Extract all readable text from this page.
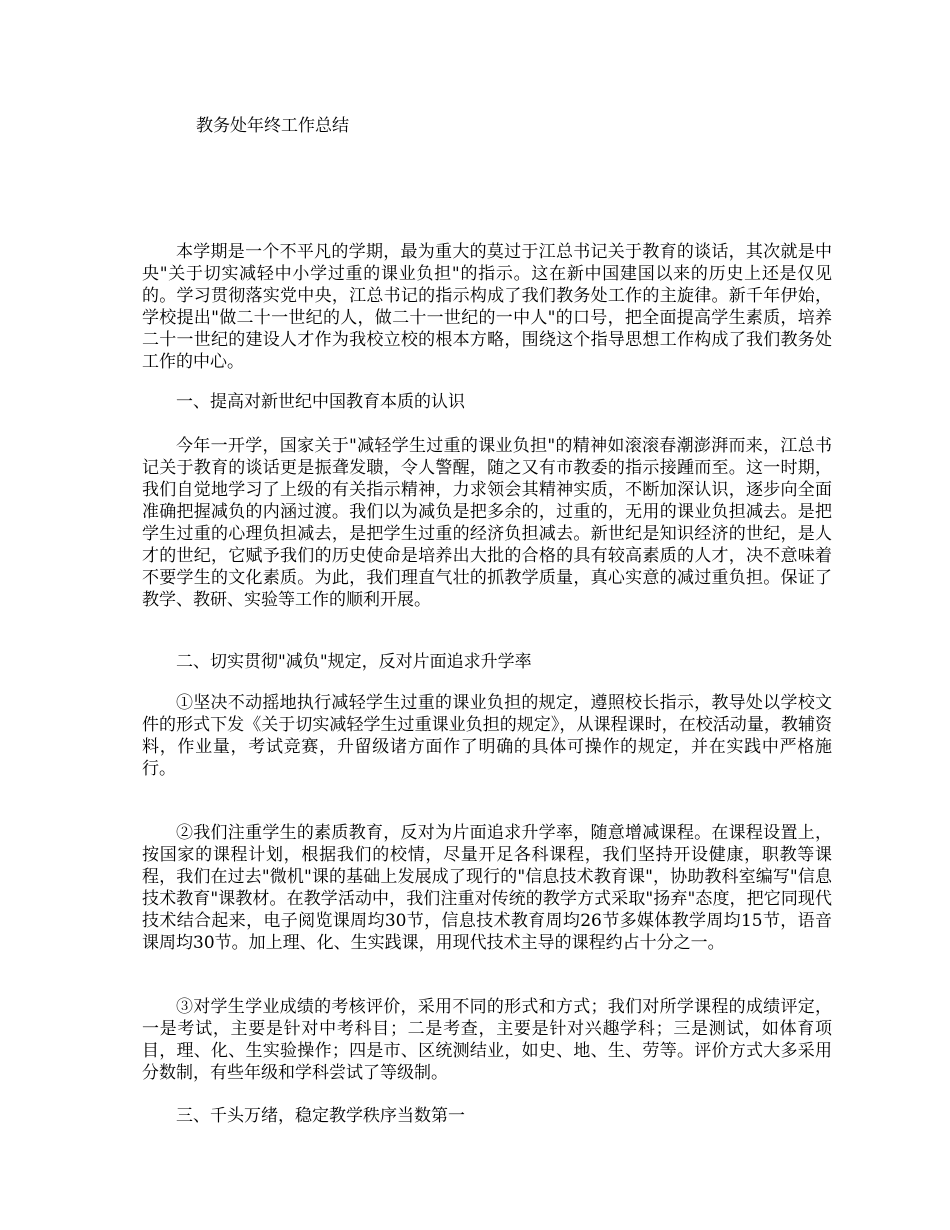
教务处年终工作总结

本学期是一个不平凡的学期，最为重大的莫过于江总书记关于教育的谈话，其次就是中央"关于切实减轻中小学过重的课业负担"的指示。这在新中国建国以来的历史上还是仅见的。学习贯彻落实党中央，江总书记的指示构成了我们教务处工作的主旋律。新千年伊始，学校提出"做二十一世纪的人，做二十一世纪的一中人"的口号，把全面提高学生素质，培养二十一世纪的建设人才作为我校立校的根本方略，围绕这个指导思想工作构成了我们教务处工作的中心。

一、提高对新世纪中国教育本质的认识

今年一开学，国家关于"减轻学生过重的课业负担"的精神如滚滚春潮澎湃而来，江总书记关于教育的谈话更是振聋发聩，令人警醒，随之又有市教委的指示接踵而至。这一时期，我们自觉地学习了上级的有关指示精神，力求领会其精神实质，不断加深认识，逐步向全面准确把握减负的内涵过渡。我们以为减负是把多余的，过重的，无用的课业负担减去。是把学生过重的心理负担减去，是把学生过重的经济负担减去。新世纪是知识经济的世纪，是人才的世纪，它赋予我们的历史使命是培养出大批的合格的具有较高素质的人才，决不意味着不要学生的文化素质。为此，我们理直气壮的抓教学质量，真心实意的减过重负担。保证了教学、教研、实验等工作的顺利开展。

二、切实贯彻"减负"规定，反对片面追求升学率

①坚决不动摇地执行减轻学生过重的课业负担的规定，遵照校长指示，教导处以学校文件的形式下发《关于切实减轻学生过重课业负担的规定》，从课程课时，在校活动量，教辅资料，作业量，考试竞赛，升留级诸方面作了明确的具体可操作的规定，并在实践中严格施行。

②我们注重学生的素质教育，反对为片面追求升学率，随意增减课程。在课程设置上，按国家的课程计划，根据我们的校情，尽量开足各科课程，我们坚持开设健康，职教等课程，我们在过去"微机"课的基础上发展成了现行的"信息技术教育课"，协助教科室编写"信息技术教育"课教材。在教学活动中，我们注重对传统的教学方式采取"扬弃"态度，把它同现代技术结合起来，电子阅览课周均30节，信息技术教育周均26节多媒体教学周均15节，语音课周均30节。加上理、化、生实践课，用现代技术主导的课程约占十分之一。

③对学生学业成绩的考核评价，采用不同的形式和方式；我们对所学课程的成绩评定，一是考试，主要是针对中考科目；二是考查，主要是针对兴趣学科；三是测试，如体育项目，理、化、生实验操作；四是市、区统测结业，如史、地、生、劳等。评价方式大多采用分数制，有些年级和学科尝试了等级制。

三、千头万绪，稳定教学秩序当数第一
